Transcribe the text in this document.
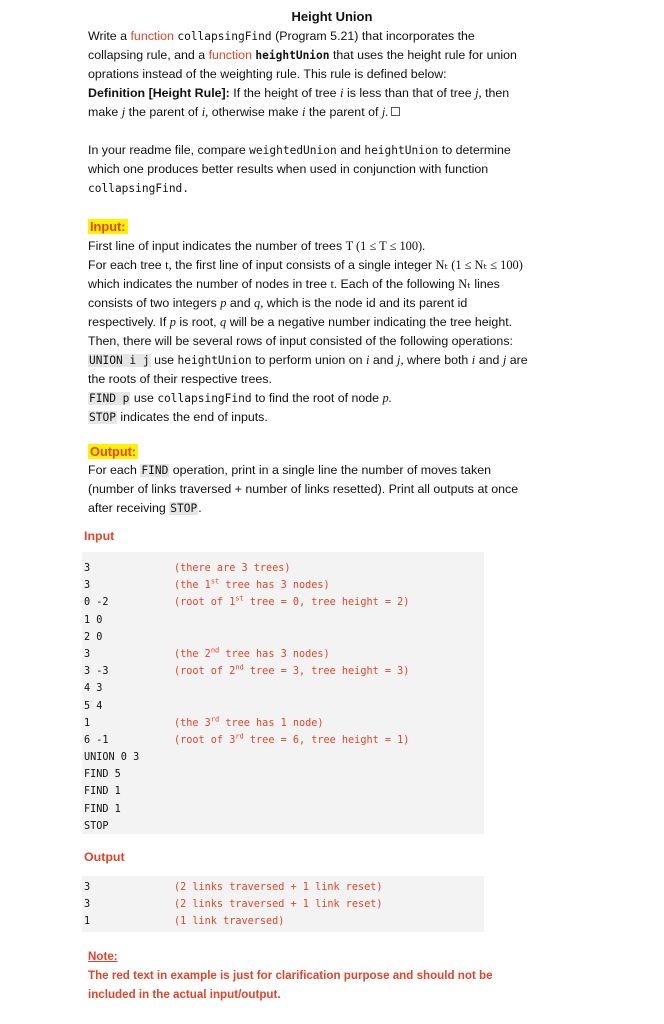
Height Union
Write a function collapsingFind (Program 5.21) that incorporates the collapsing rule, and a function heightUnion that uses the height rule for union oprations instead of the weighting rule. This rule is defined below:
Definition [Height Rule]: If the height of tree i is less than that of tree j, then make j the parent of i, otherwise make i the parent of j.
In your readme file, compare weightedUnion and heightUnion to determine which one produces better results when used in conjunction with function collapsingFind.
Input:
First line of input indicates the number of trees T (1 ≤ T ≤ 100).
For each tree t, the first line of input consists of a single integer Nₜ (1 ≤ Nₜ ≤ 100) which indicates the number of nodes in tree t. Each of the following Nₜ lines consists of two integers p and q, which is the node id and its parent id respectively. If p is root, q will be a negative number indicating the tree height. Then, there will be several rows of input consisted of the following operations:
UNION i j use heightUnion to perform union on i and j, where both i and j are the roots of their respective trees.
FIND p use collapsingFind to find the root of node p.
STOP indicates the end of inputs.
Output:
For each FIND operation, print in a single line the number of moves taken (number of links traversed + number of links resetted). Print all outputs at once after receiving STOP.
Input
3	(there are 3 trees)
3	(the 1st tree has 3 nodes)
0 -2	(root of 1st tree = 0, tree height = 2)
1 0
2 0
3	(the 2nd tree has 3 nodes)
3 -3	(root of 2nd tree = 3, tree height = 3)
4 3
5 4
1	(the 3rd tree has 1 node)
6 -1	(root of 3rd tree = 6, tree height = 1)
UNION 0 3
FIND 5
FIND 1
FIND 1
STOP
Output
3	(2 links traversed + 1 link reset)
3	(2 links traversed + 1 link reset)
1	(1 link traversed)
Note:
The red text in example is just for clarification purpose and should not be included in the actual input/output.
